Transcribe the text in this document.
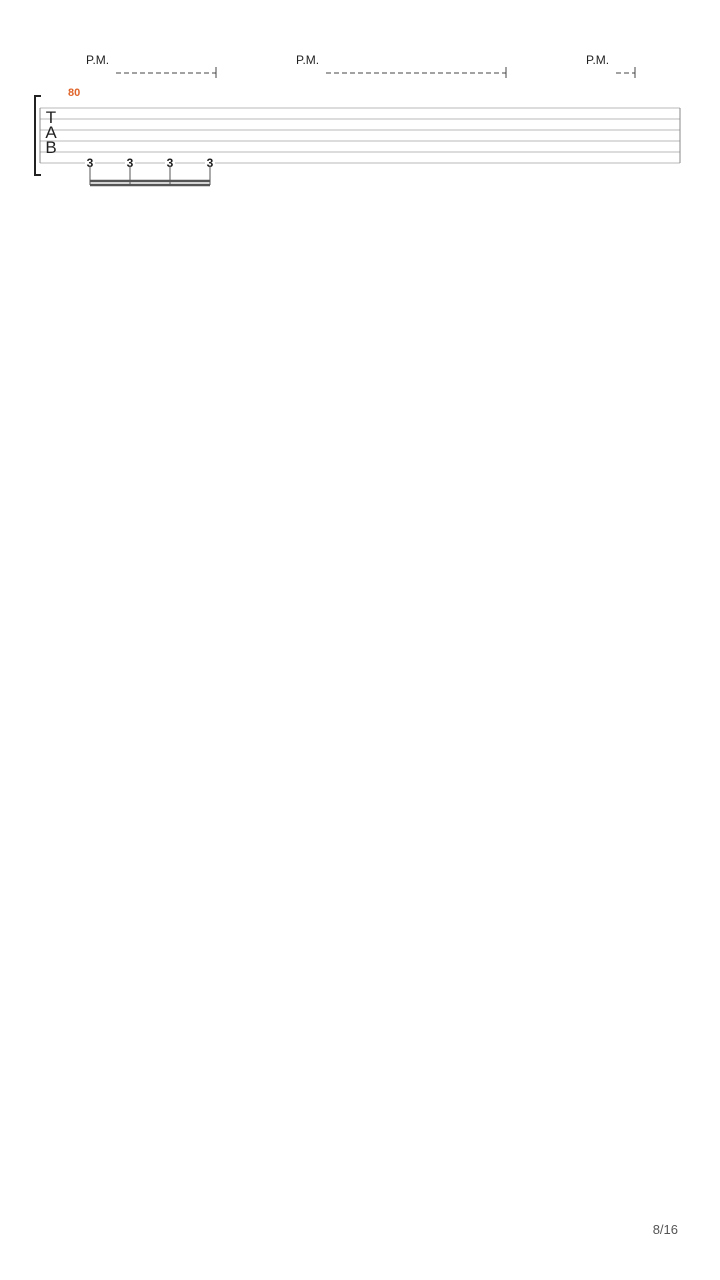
P.M.	P.M.	P.M.
T
A
B
80
3	3	3	3
8/16
